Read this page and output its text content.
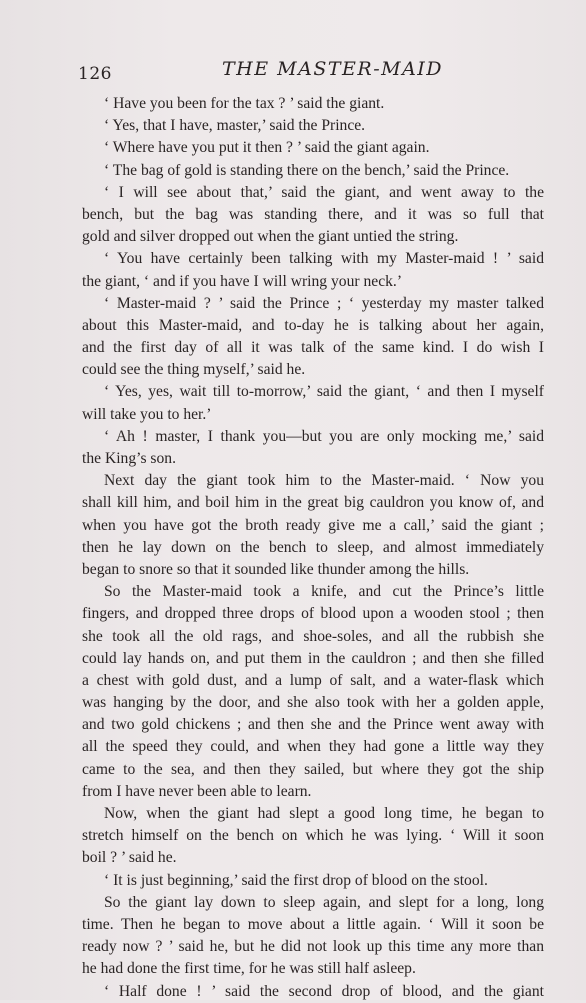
126	THE MASTER-MAID
‘ Have you been for the tax ? ’ said the giant.
‘ Yes, that I have, master,’ said the Prince.
‘ Where have you put it then ? ’ said the giant again.
‘ The bag of gold is standing there on the bench,’ said the Prince.
‘ I will see about that,’ said the giant, and went away to the
bench, but the bag was standing there, and it was so full that
gold and silver dropped out when the giant untied the string.
‘ You have certainly been talking with my Master-maid ! ’ said
the giant, ‘ and if you have I will wring your neck.’
‘ Master-maid ? ’ said the Prince ; ‘ yesterday my master talked
about this Master-maid, and to-day he is talking about her again,
and the first day of all it was talk of the same kind. I do wish I
could see the thing myself,’ said he.
‘ Yes, yes, wait till to-morrow,’ said the giant, ‘ and then I myself
will take you to her.’
‘ Ah ! master, I thank you—but you are only mocking me,’ said
the King’s son.
Next day the giant took him to the Master-maid. ‘ Now you
shall kill him, and boil him in the great big cauldron you know of, and
when you have got the broth ready give me a call,’ said the giant ;
then he lay down on the bench to sleep, and almost immediately
began to snore so that it sounded like thunder among the hills.
So the Master-maid took a knife, and cut the Prince’s little
fingers, and dropped three drops of blood upon a wooden stool ; then
she took all the old rags, and shoe-soles, and all the rubbish she
could lay hands on, and put them in the cauldron ; and then she filled
a chest with gold dust, and a lump of salt, and a water-flask which
was hanging by the door, and she also took with her a golden apple,
and two gold chickens ; and then she and the Prince went away with
all the speed they could, and when they had gone a little way they
came to the sea, and then they sailed, but where they got the ship
from I have never been able to learn.
Now, when the giant had slept a good long time, he began to
stretch himself on the bench on which he was lying. ‘ Will it soon
boil ? ’ said he.
‘ It is just beginning,’ said the first drop of blood on the stool.
So the giant lay down to sleep again, and slept for a long, long
time. Then he began to move about a little again. ‘ Will it soon be
ready now ? ’ said he, but he did not look up this time any more than
he had done the first time, for he was still half asleep.
‘ Half done ! ’ said the second drop of blood, and the giant
